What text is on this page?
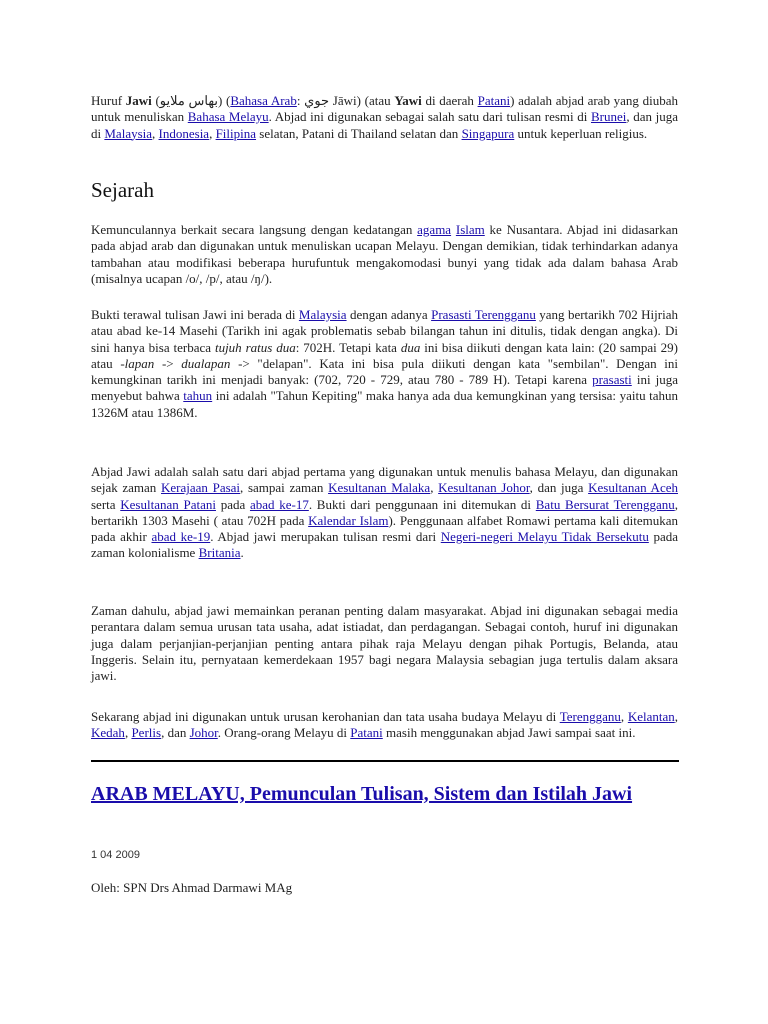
Huruf Jawi (بهاس ملايو) (Bahasa Arab: جوي Jāwi) (atau Yawi di daerah Patani) adalah abjad arab yang diubah untuk menuliskan Bahasa Melayu. Abjad ini digunakan sebagai salah satu dari tulisan resmi di Brunei, dan juga di Malaysia, Indonesia, Filipina selatan, Patani di Thailand selatan dan Singapura untuk keperluan religius.

Sejarah

Kemunculannya berkait secara langsung dengan kedatangan agama Islam ke Nusantara. Abjad ini didasarkan pada abjad arab dan digunakan untuk menuliskan ucapan Melayu. Dengan demikian, tidak terhindarkan adanya tambahan atau modifikasi beberapa hurufuntuk mengakomodasi bunyi yang tidak ada dalam bahasa Arab (misalnya ucapan /o/, /p/, atau /ŋ/).

Bukti terawal tulisan Jawi ini berada di Malaysia dengan adanya Prasasti Terengganu yang bertarikh 702 Hijriah atau abad ke-14 Masehi (Tarikh ini agak problematis sebab bilangan tahun ini ditulis, tidak dengan angka). Di sini hanya bisa terbaca tujuh ratus dua: 702H. Tetapi kata dua ini bisa diikuti dengan kata lain: (20 sampai 29) atau -lapan -> dualapan -> "delapan". Kata ini bisa pula diikuti dengan kata "sembilan". Dengan ini kemungkinan tarikh ini menjadi banyak: (702, 720 - 729, atau 780 - 789 H). Tetapi karena prasasti ini juga menyebut bahwa tahun ini adalah "Tahun Kepiting" maka hanya ada dua kemungkinan yang tersisa: yaitu tahun 1326M atau 1386M.

Abjad Jawi adalah salah satu dari abjad pertama yang digunakan untuk menulis bahasa Melayu, dan digunakan sejak zaman Kerajaan Pasai, sampai zaman Kesultanan Malaka, Kesultanan Johor, dan juga Kesultanan Aceh serta Kesultanan Patani pada abad ke-17. Bukti dari penggunaan ini ditemukan di Batu Bersurat Terengganu, bertarikh 1303 Masehi ( atau 702H pada Kalendar Islam). Penggunaan alfabet Romawi pertama kali ditemukan pada akhir abad ke-19. Abjad jawi merupakan tulisan resmi dari Negeri-negeri Melayu Tidak Bersekutu pada zaman kolonialisme Britania.

Zaman dahulu, abjad jawi memainkan peranan penting dalam masyarakat. Abjad ini digunakan sebagai media perantara dalam semua urusan tata usaha, adat istiadat, dan perdagangan. Sebagai contoh, huruf ini digunakan juga dalam perjanjian-perjanjian penting antara pihak raja Melayu dengan pihak Portugis, Belanda, atau Inggeris. Selain itu, pernyataan kemerdekaan 1957 bagi negara Malaysia sebagian juga tertulis dalam aksara jawi.

Sekarang abjad ini digunakan untuk urusan kerohanian dan tata usaha budaya Melayu di Terengganu, Kelantan, Kedah, Perlis, dan Johor. Orang-orang Melayu di Patani masih menggunakan abjad Jawi sampai saat ini.

ARAB MELAYU, Pemunculan Tulisan, Sistem dan Istilah Jawi
1 04 2009
Oleh: SPN Drs Ahmad Darmawi MAg
